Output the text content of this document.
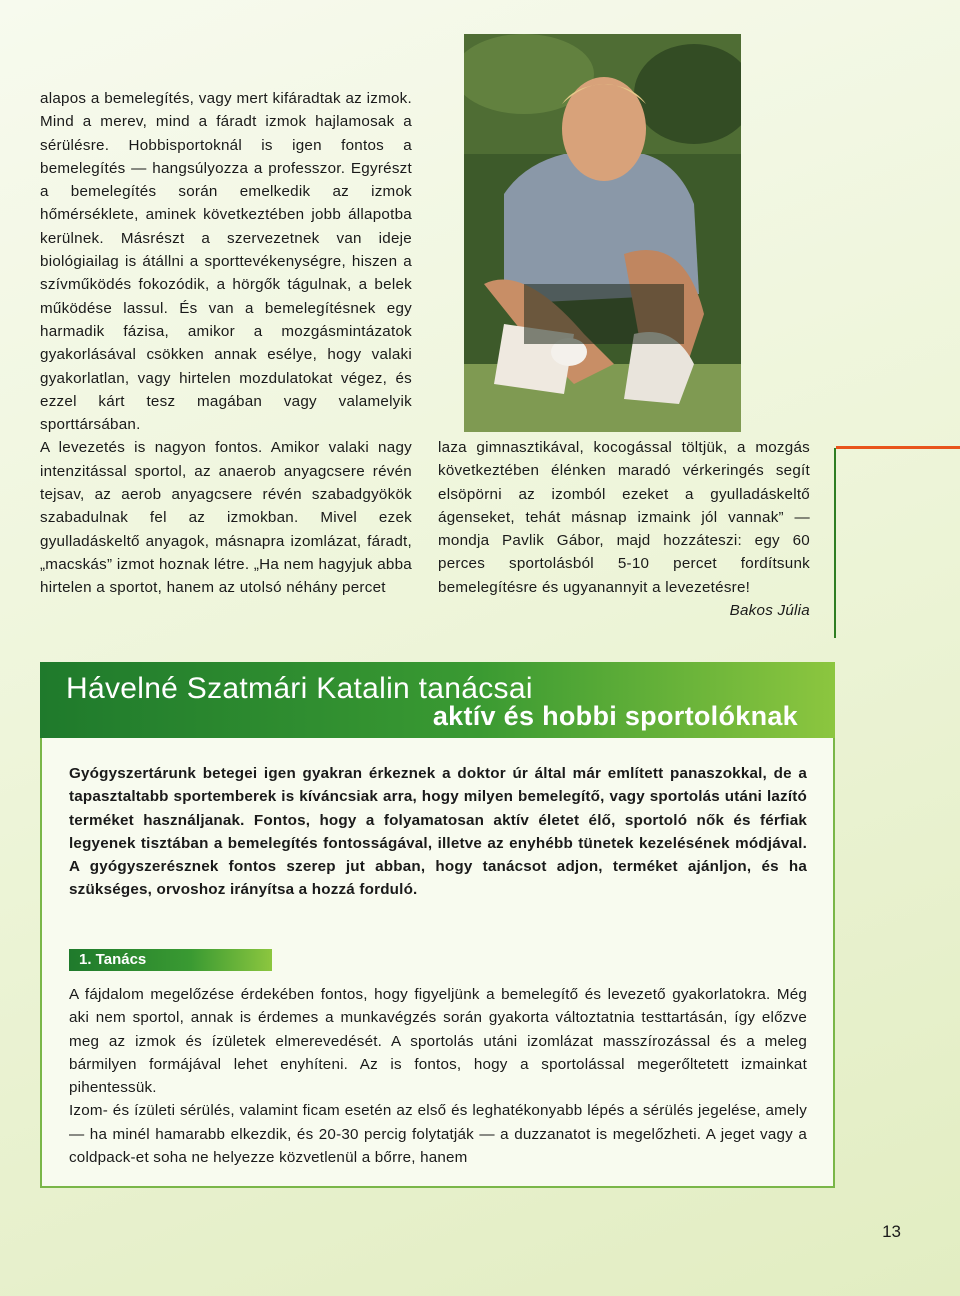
alapos a bemelegítés, vagy mert kifáradtak az izmok. Mind a merev, mind a fáradt izmok hajlamosak a sérülésre. Hobbisportoknál is igen fontos a bemelegítés — hangsúlyozza a professzor. Egyrészt a bemelegítés során emelkedik az izmok hőmérséklete, aminek következtében jobb állapotba kerülnek. Másrészt a szervezetnek van ideje biológiailag is átállni a sporttevékenységre, hiszen a szívműködés fokozódik, a hörgők tágulnak, a belek működése lassul. És van a bemelegítésnek egy harmadik fázisa, amikor a mozgásmintázatok gyakorlásával csökken annak esélye, hogy valaki gyakorlatlan, vagy hirtelen mozdulatokat végez, és ezzel kárt tesz magában vagy valamelyik sporttársában.

A levezetés is nagyon fontos. Amikor valaki nagy intenzitással sportol, az anaerob anyagcsere révén tejsav, az aerob anyagcsere révén szabadgyökök szabadulnak fel az izmokban. Mivel ezek gyulladáskeltő anyagok, másnapra izomlázat, fáradt, „macskás” izmot hoznak létre. „Ha nem hagyjuk abba hirtelen a sportot, hanem az utolsó néhány percet

laza gimnasztikával, kocogással töltjük, a mozgás következtében élénken maradó vérkeringés segít elsöpörni az izomból ezeket a gyulladáskeltő ágenseket, tehát másnap izmaink jól vannak” — mondja Pavlik Gábor, majd hozzáteszi: egy 60 perces sportolásból 5-10 percet fordítsunk bemelegítésre és ugyanannyit a levezetésre!

Bakos Júlia

Hávelné Szatmári Katalin tanácsai
aktív és hobbi sportolóknak
Gyógyszertárunk betegei igen gyakran érkeznek a doktor úr által már említett panaszokkal, de a tapasztaltabb sportemberek is kíváncsiak arra, hogy milyen bemelegítő, vagy sportolás utáni lazító terméket használjanak. Fontos, hogy a folyamatosan aktív életet élő, sportoló nők és férfiak legyenek tisztában a bemelegítés fontosságával, illetve az enyhébb tünetek kezelésének módjával. A gyógyszerésznek fontos szerep jut abban, hogy tanácsot adjon, terméket ajánljon, és ha szükséges, orvoshoz irányítsa a hozzá forduló.
1. Tanács

A fájdalom megelőzése érdekében fontos, hogy figyeljünk a bemelegítő és levezető gyakorlatokra. Még aki nem sportol, annak is érdemes a munkavégzés során gyakorta változtatnia testtartásán, így előzve meg az izmok és ízületek elmerevedését. A sportolás utáni izomlázat masszírozással és a meleg bármilyen formájával lehet enyhíteni. Az is fontos, hogy a sportolással megerőltetett izmainkat pihentessük.

Izom- és ízületi sérülés, valamint ficam esetén az első és leghatékonyabb lépés a sérülés jegelése, amely — ha minél hamarabb elkezdik, és 20-30 percig folytatják — a duzzanatot is megelőzheti. A jeget vagy a coldpack-et soha ne helyezze közvetlenül a bőrre, hanem

13
